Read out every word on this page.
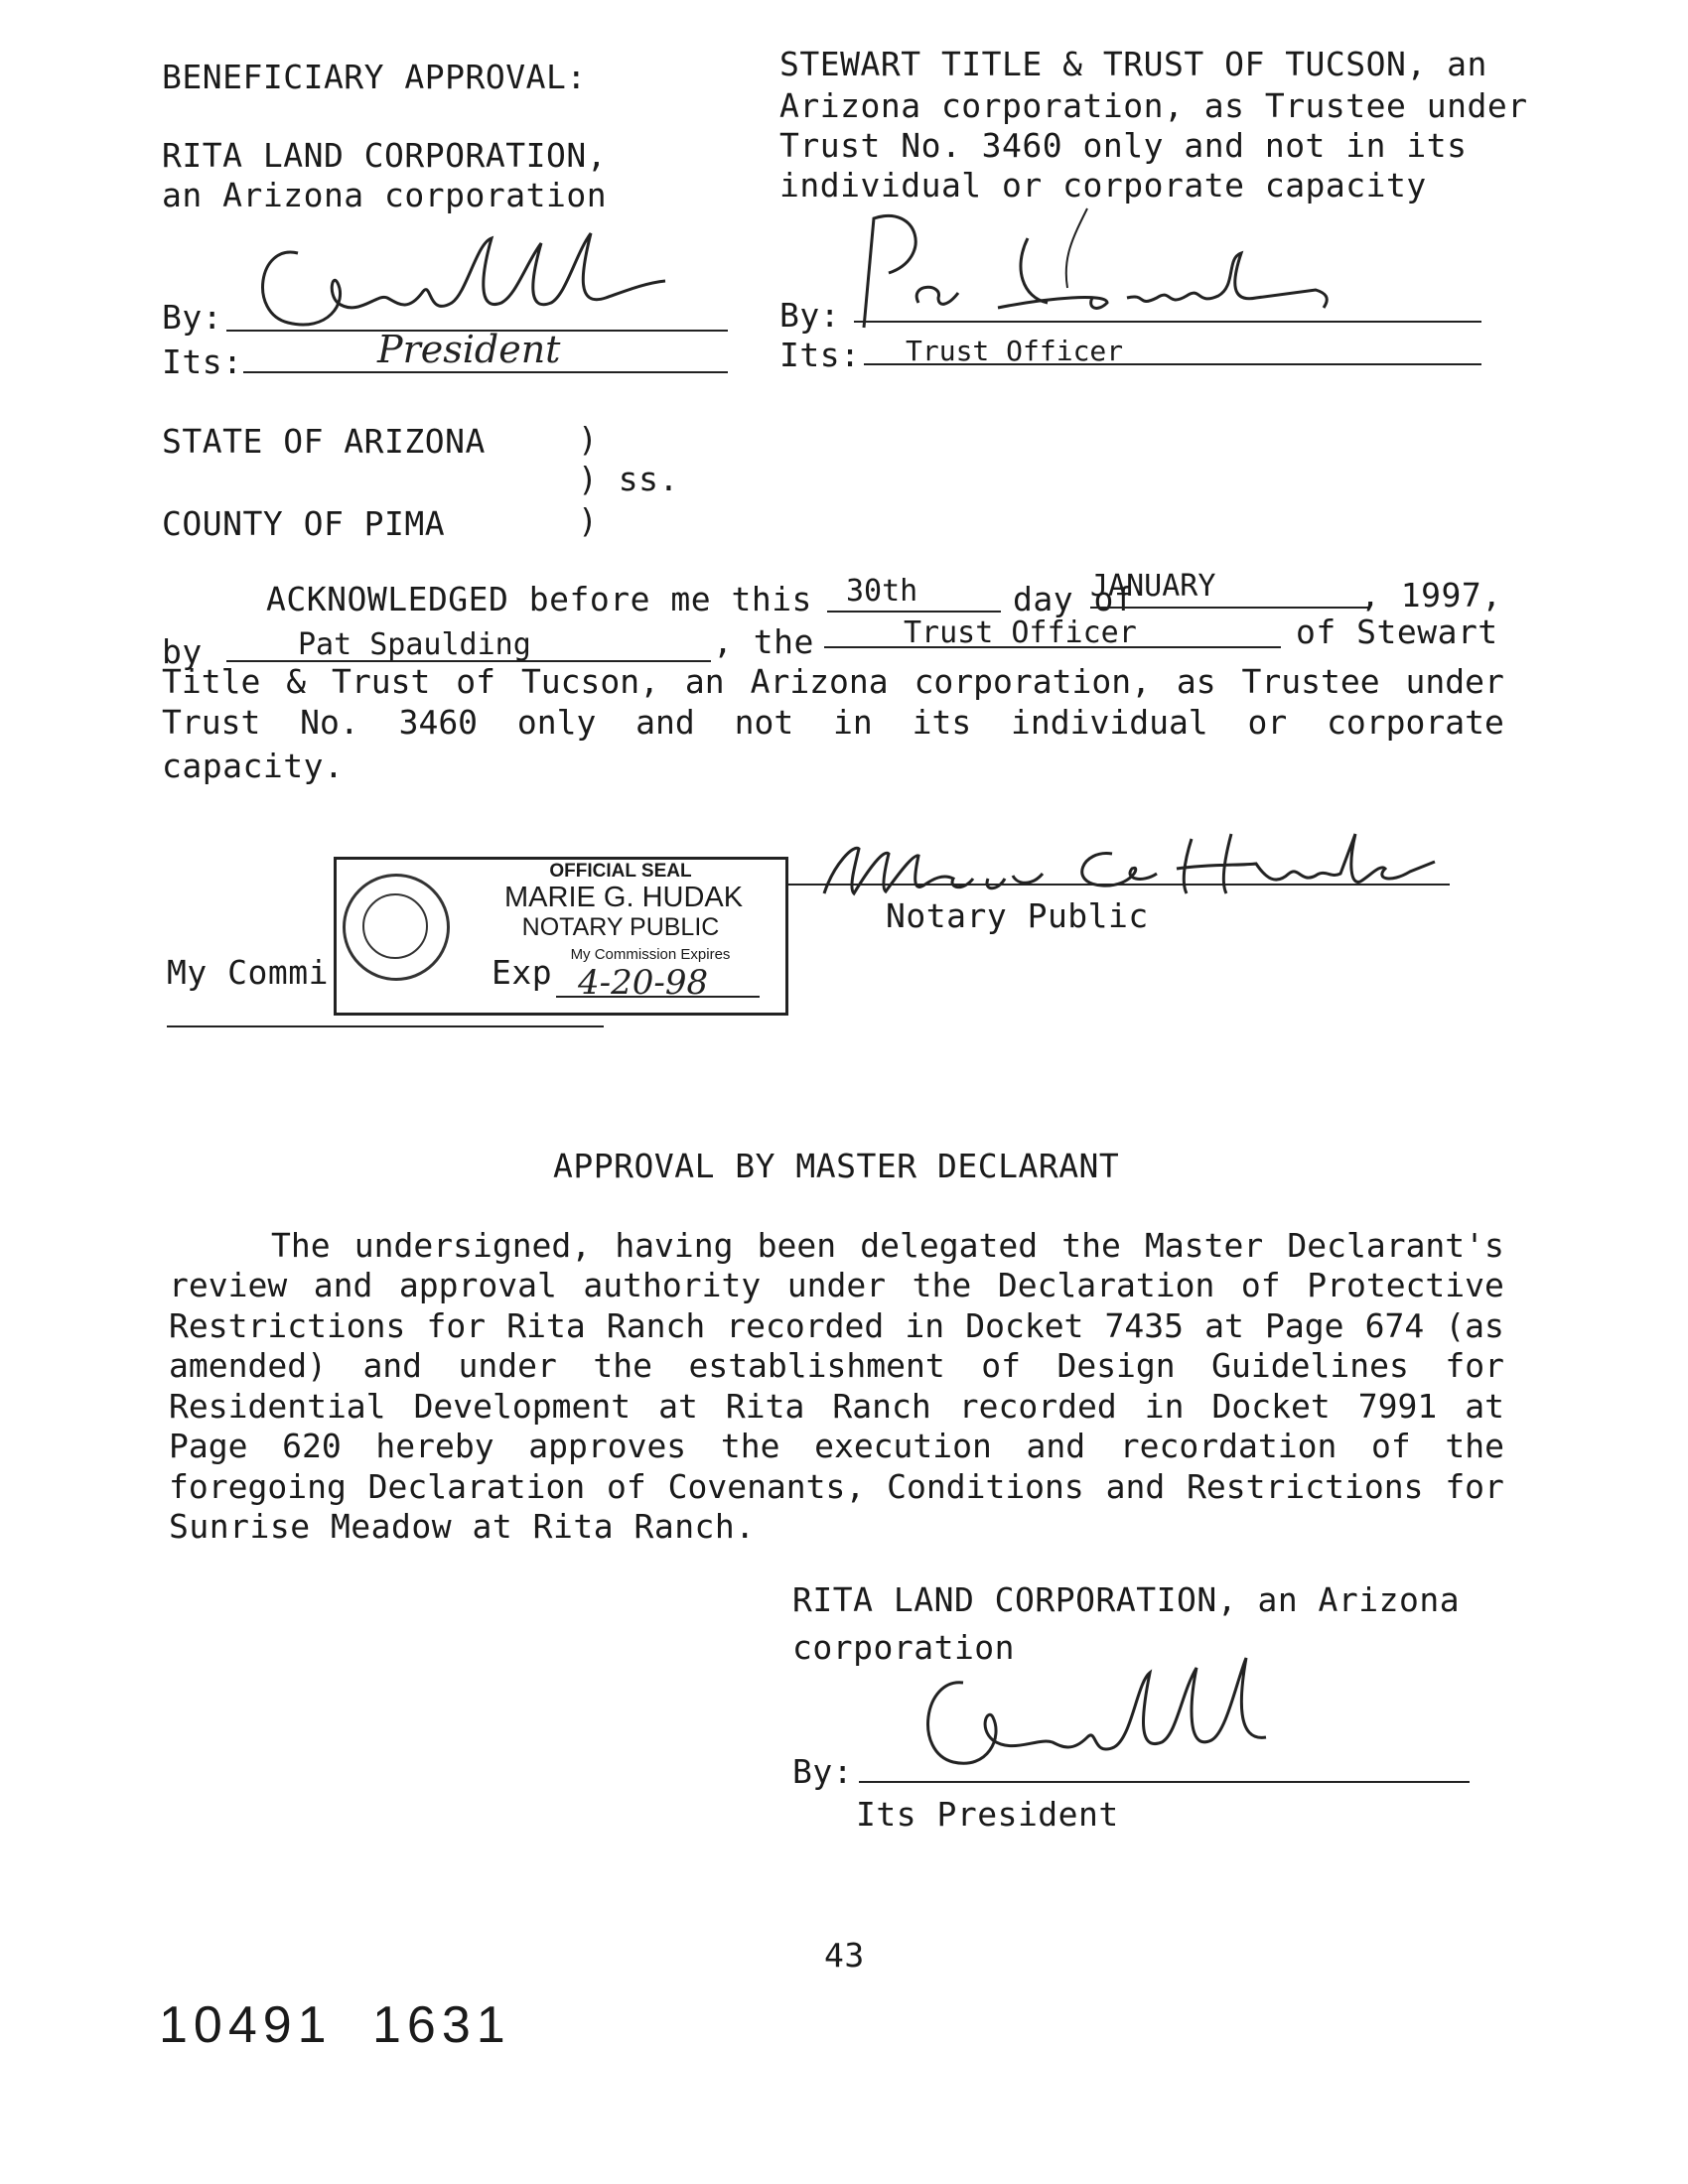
BENEFICIARY APPROVAL:
RITA LAND CORPORATION,
an Arizona corporation
By:
Its:	President
STEWART TITLE & TRUST OF TUCSON, an
Arizona corporation, as Trustee under
Trust No. 3460 only and not in its
individual or corporate capacity
By:
Its: Trust Officer
STATE OF ARIZONA	)
) ss.
COUNTY OF PIMA	)
ACKNOWLEDGED before me this 30th	day of
JANUARY	, 1997,
by	Pat Spaulding	, the	Trust Officer	of Stewart
Title & Trust of Tucson, an Arizona corporation, as Trustee under
Trust No. 3460 only and not in its individual or corporate
capacity.
Notary Public
My Commi	Exp
OFFICIAL SEAL
MARIE G. HUDAK
NOTARY PUBLIC
My Commission Expires
4-20-98
APPROVAL BY MASTER DECLARANT
The undersigned, having been delegated the Master Declarant's
review and approval authority under the Declaration of Protective
Restrictions for Rita Ranch recorded in Docket 7435 at Page 674 (as
amended) and under the establishment of Design Guidelines for
Residential Development at Rita Ranch recorded in Docket 7991 at
Page 620 hereby approves the execution and recordation of the
foregoing Declaration of Covenants, Conditions and Restrictions for
Sunrise Meadow at Rita Ranch.
RITA LAND CORPORATION, an Arizona
corporation
By:
Its President
43
10491 1631
